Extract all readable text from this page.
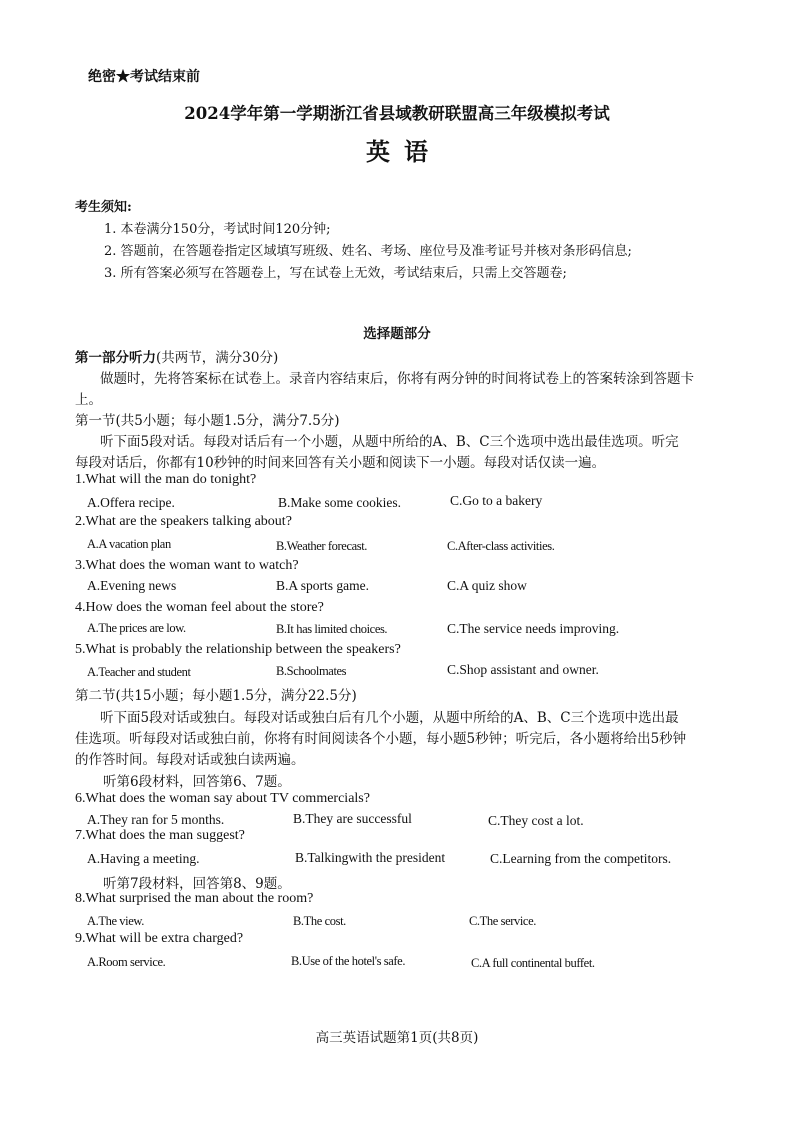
绝密★考试结束前
2024学年第一学期浙江省县域教研联盟高三年级模拟考试
英语
考生须知:
1. 本卷满分150分，考试时间120分钟;
2. 答题前，在答题卷指定区域填写班级、姓名、考场、座位号及准考证号并核对条形码信息;
3. 所有答案必须写在答题卷上，写在试卷上无效，考试结束后，只需上交答题卷;
选择题部分
第一部分听力(共两节，满分30分)
做题时，先将答案标在试卷上。录音内容结束后，你将有两分钟的时间将试卷上的答案转涂到答题卡
上。
第一节(共5小题；每小题1.5分，满分7.5分)
听下面5段对话。每段对话后有一个小题，从题中所给的A、B、C三个选项中选出最佳选项。听完
每段对话后，你都有10秒钟的时间来回答有关小题和阅读下一小题。每段对话仅读一遍。
1.What will the man do tonight?
A.Offera recipe.	B.Make some cookies.	C.Go to a bakery
2.What are the speakers talking about?
A.A vacation plan	B.Weather forecast.	C.After-class activities.
3.What does the woman want to watch?
A.Evening news	B.A sports game.	C.A quiz show
4.How does the woman feel about the store?
A.The prices are low.	B.It has limited choices.	C.The service needs improving.
5.What is probably the relationship between the speakers?
A.Teacher and student	B.Schoolmates	C.Shop assistant and owner.
第二节(共15小题；每小题1.5分，满分22.5分)
听下面5段对话或独白。每段对话或独白后有几个小题，从题中所给的A、B、C三个选项中选出最
佳选项。听每段对话或独白前，你将有时间阅读各个小题，每小题5秒钟；听完后，各小题将给出5秒钟
的作答时间。每段对话或独白读两遍。
听第6段材料，回答第6、7题。
6.What does the woman say about TV commercials?
A.They ran for 5 months.	B.They are successful	C.They cost a lot.
7.What does the man suggest?
A.Having a meeting.	B.Talkingwith the president	C.Learning from the competitors.
听第7段材料，回答第8、9题。
8.What surprised the man about the room?
A.The view.	B.The cost.	C.The service.
9.What will be extra charged?
A.Room service.	B.Use of the hotel's safe.	C.A full continental buffet.
高三英语试题第1页(共8页)
